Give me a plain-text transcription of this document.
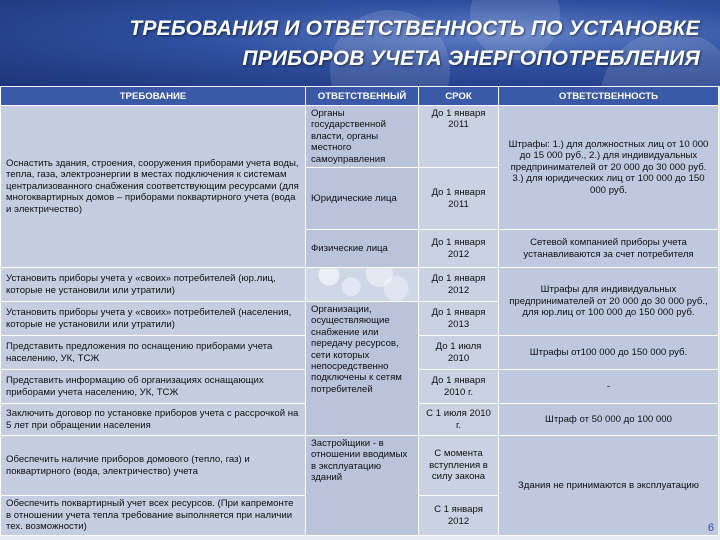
ТРЕБОВАНИЯ И ОТВЕТСТВЕННОСТЬ ПО УСТАНОВКЕ
ПРИБОРОВ УЧЕТА ЭНЕРГОПОТРЕБЛЕНИЯ
ТРЕБОВАНИЕ	ОТВЕТСТВЕННЫЙ	СРОК	ОТВЕТСТВЕННОСТЬ
Оснастить здания, строения, сооружения приборами учета воды, тепла, газа, электроэнергии в местах подключения к системам централизованного снабжения соответствующим ресурсами (для многоквартирных домов – приборами поквартирного учета (вода и электричество)	Органы государственной власти, органы местного самоуправления	До 1 января 2011	Штрафы: 1.) для должностных лиц от 10 000 до 15 000 руб., 2.) для индивидуальных предпринимателей от 20 000 до 30 000 руб. 3.) для юридических лиц от 100 000 до 150 000 руб.
	Юридические лица	До 1 января 2011	
	Физические лица	До 1 января 2012	Сетевой компанией приборы учета устанавливаются за счет потребителя
Установить приборы учета у «своих» потребителей (юр.лиц, которые не установили или утратили)		До 1 января 2012	Штрафы для индивидуальных предпринимателей от 20 000 до 30 000 руб., для юр.лиц от 100 000 до 150 000 руб.
Установить приборы учета у «своих» потребителей (населения, которые не установили или утратили)	Организации, осуществляющие снабжение или передачу ресурсов, сети которых непосредственно подключены к сетям потребителей	До 1 января 2013	
Представить предложения по оснащению приборами учета населению, УК, ТСЖ		До 1 июля 2010	Штрафы от100 000 до 150 000 руб.
Представить информацию об организациях оснащающих приборами учета населению, УК, ТСЖ		До 1 января 2010 г.	-
Заключить договор по установке приборов учета с рассрочкой на 5 лет при обращении населения		С 1 июля 2010 г.	Штраф от 50 000 до 100 000
Обеспечить наличие приборов домового (тепло, газ) и поквартирного (вода, электричество) учета	Застройщики - в отношении вводимых в эксплуатацию зданий	С момента вступления в силу закона	Здания не принимаются в эксплуатацию
Обеспечить поквартирный учет всех ресурсов. (При капремонте в отношении учета тепла требование выполняется при наличии тех. возможности)		С 1 января 2012	
6
